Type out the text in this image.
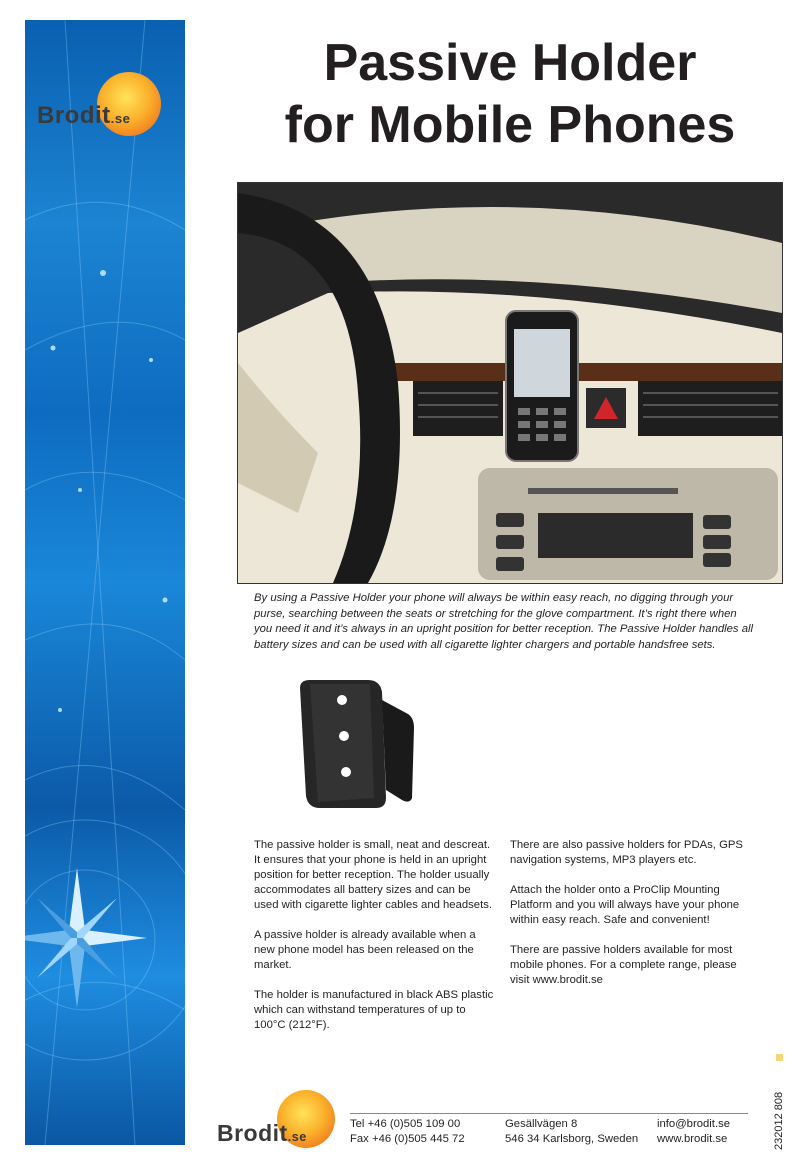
Brodit.se
Passive Holder
for Mobile Phones

By using a Passive Holder your phone will always be within easy reach, no digging through your purse, searching between the seats or stretching for the glove compartment. It’s right there when you need it and it’s always in an upright position for better reception. The Passive Holder handles all battery sizes and can be used with all cigarette lighter chargers and portable handsfree sets.

The passive holder is small, neat and descreat. It ensures that your phone is held in an upright position for better reception. The holder usually accommodates all battery sizes and can be used with cigarette lighter cables and headsets.

A passive holder is already available when a new phone model has been released on the market.

The holder is manufactured in black ABS plastic which can withstand temperatures of up to 100°C (212°F).

There are also passive holders for PDAs, GPS navigation systems, MP3 players etc.

Attach the holder onto a ProClip Mounting Platform and you will always have your phone within easy reach. Safe and convenient!

There are passive holders available for most mobile phones. For a complete range, please visit www.brodit.se

232012 808
Brodit.se
Tel +46 (0)505 109 00
Fax +46 (0)505 445 72
Gesällvägen 8
546 34 Karlsborg, Sweden
info@brodit.se
www.brodit.se
